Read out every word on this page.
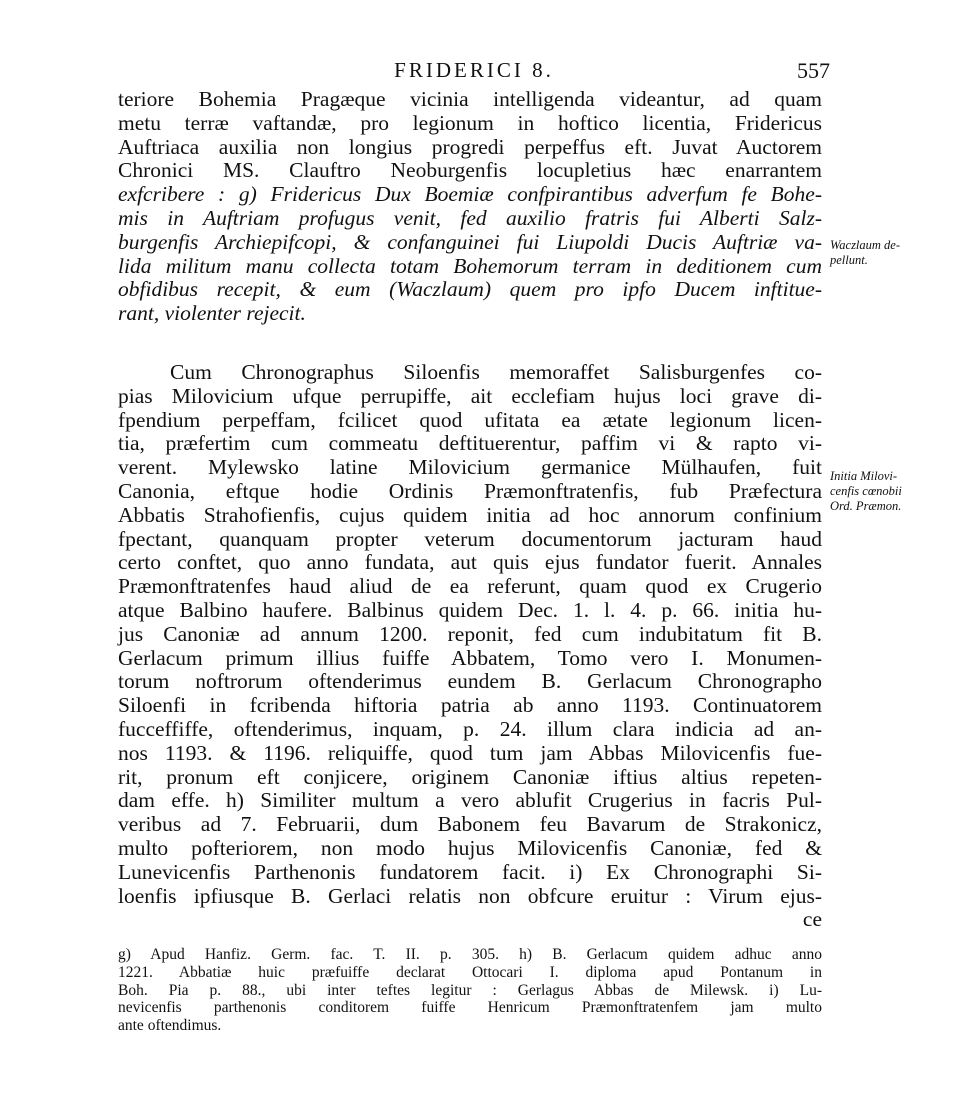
FRIDERICI 8.	557
teriore Bohemia Pragæque vicinia intelligenda videantur, ad quam
metu terræ vaftandæ, pro legionum in hoftico licentia, Fridericus
Auftriaca auxilia non longius progredi perpeffus eft. Juvat Auctorem
Chronici MS. Clauftro Neoburgenfis locupletius hæc enarrantem
exfcribere : g) Fridericus Dux Boemiæ confpirantibus adverfum fe Bohe-
mis in Auftriam profugus venit, fed auxilio fratris fui Alberti Salz-
burgenfis Archiepifcopi, & confanguinei fui Liupoldi Ducis Auftriæ va-
lida militum manu collecta totam Bohemorum terram in deditionem cum
obfidibus recepit, & eum (Waczlaum) quem pro ipfo Ducem inftitue-
rant, violenter rejecit.
Waczlaum de-
pellunt.
Cum Chronographus Siloenfis memoraffet Salisburgenfes co-
pias Milovicium ufque perrupiffe, ait ecclefiam hujus loci grave di-
fpendium perpeffam, fcilicet quod ufitata ea ætate legionum licen-
tia, præfertim cum commeatu deftituerentur, paffim vi & rapto vi-
verent. Mylewsko latine Milovicium germanice Mülhaufen, fuit
Canonia, eftque hodie Ordinis Præmonftratenfis, fub Præfectura
Abbatis Strahofienfis, cujus quidem initia ad hoc annorum confinium
fpectant, quanquam propter veterum documentorum jacturam haud
certo conftet, quo anno fundata, aut quis ejus fundator fuerit. Annales
Præmonftratenfes haud aliud de ea referunt, quam quod ex Crugerio
atque Balbino haufere. Balbinus quidem Dec. 1. l. 4. p. 66. initia hu-
jus Canoniæ ad annum 1200. reponit, fed cum indubitatum fit B.
Gerlacum primum illius fuiffe Abbatem, Tomo vero I. Monumen-
torum noftrorum oftenderimus eundem B. Gerlacum Chronographo
Siloenfi in fcribenda hiftoria patria ab anno 1193. Continuatorem
fucceffiffe, oftenderimus, inquam, p. 24. illum clara indicia ad an-
nos 1193. & 1196. reliquiffe, quod tum jam Abbas Milovicenfis fue-
rit, pronum eft conjicere, originem Canoniæ iftius altius repeten-
dam effe. h) Similiter multum a vero ablufit Crugerius in facris Pul-
veribus ad 7. Februarii, dum Babonem feu Bavarum de Strakonicz,
multo pofteriorem, non modo hujus Milovicenfis Canoniæ, fed &
Lunevicenfis Parthenonis fundatorem facit. i) Ex Chronographi Si-
loenfis ipfiusque B. Gerlaci relatis non obfcure eruitur : Virum ejus-
ce
Initia Milovi-
cenfis cœnobii
Ord. Præmon.
g) Apud Hanfiz. Germ. fac. T. II. p. 305. h) B. Gerlacum quidem adhuc anno
1221. Abbatiæ huic præfuiffe declarat Ottocari I. diploma apud Pontanum in
Boh. Pia p. 88., ubi inter teftes legitur : Gerlagus Abbas de Milewsk. i) Lu-
nevicenfis parthenonis conditorem fuiffe Henricum Præmonftratenfem jam multo
ante oftendimus.
